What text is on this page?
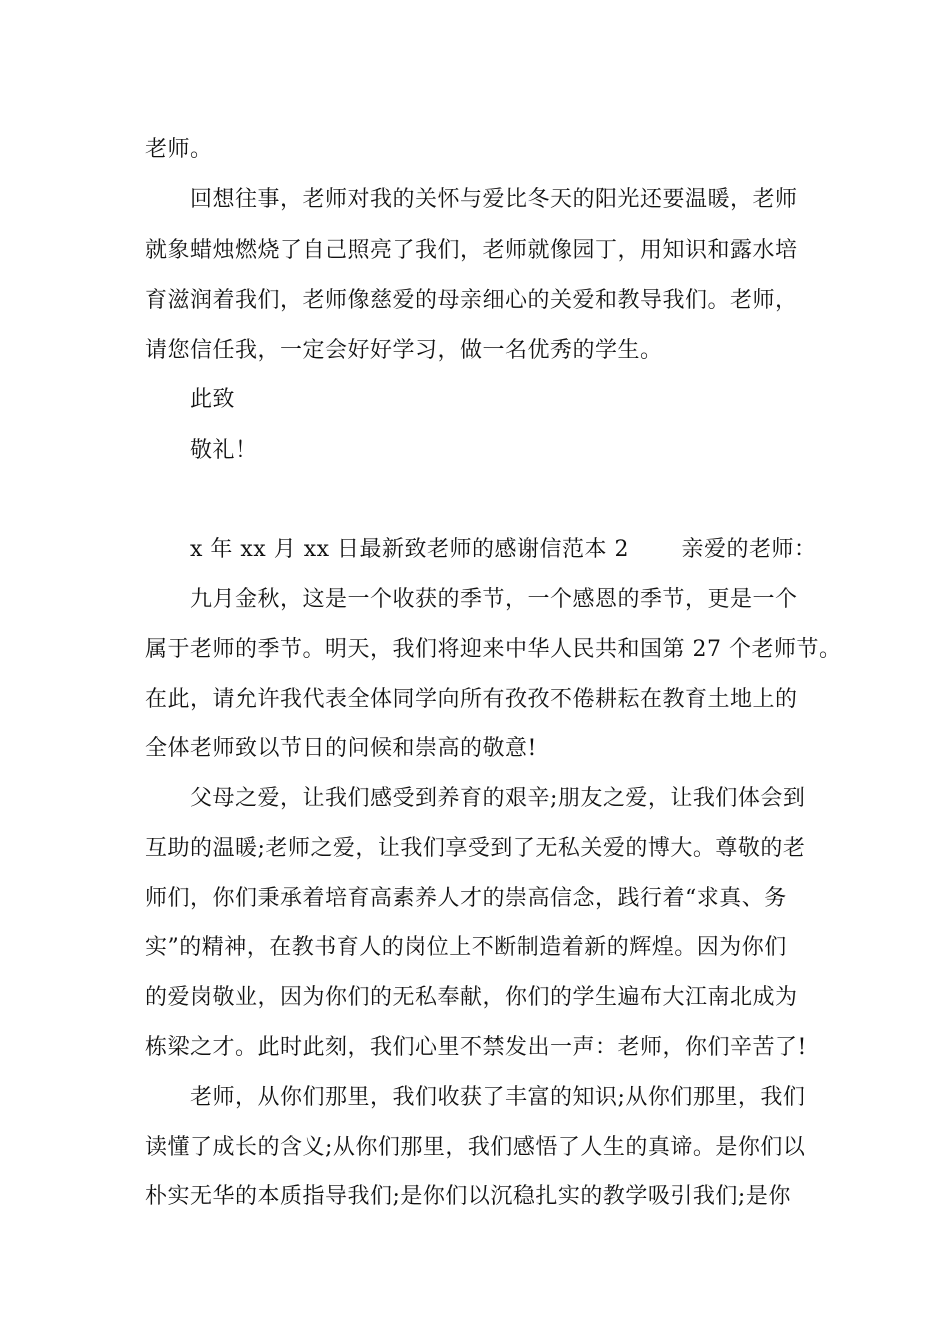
老师。
回想往事，老师对我的关怀与爱比冬天的阳光还要温暖，老师
就象蜡烛燃烧了自己照亮了我们，老师就像园丁，用知识和露水培
育滋润着我们，老师像慈爱的母亲细心的关爱和教导我们。老师，
请您信任我，一定会好好学习，做一名优秀的学生。
此致
敬礼！
x 年 xx 月 xx 日最新致老师的感谢信范本 2　　 亲爱的老师：
九月金秋，这是一个收获的季节，一个感恩的季节，更是一个
属于老师的季节。明天，我们将迎来中华人民共和国第 27 个老师节。
在此，请允许我代表全体同学向所有孜孜不倦耕耘在教育土地上的
全体老师致以节日的问候和崇高的敬意!
父母之爱，让我们感受到养育的艰辛;朋友之爱，让我们体会到
互助的温暖;老师之爱，让我们享受到了无私关爱的博大。尊敬的老
师们，你们秉承着培育高素养人才的崇高信念，践行着“求真、务
实”的精神，在教书育人的岗位上不断制造着新的辉煌。因为你们
的爱岗敬业，因为你们的无私奉献，你们的学生遍布大江南北成为
栋梁之才。此时此刻，我们心里不禁发出一声：老师，你们辛苦了!
老师，从你们那里，我们收获了丰富的知识;从你们那里，我们
读懂了成长的含义;从你们那里，我们感悟了人生的真谛。是你们以
朴实无华的本质指导我们;是你们以沉稳扎实的教学吸引我们;是你
